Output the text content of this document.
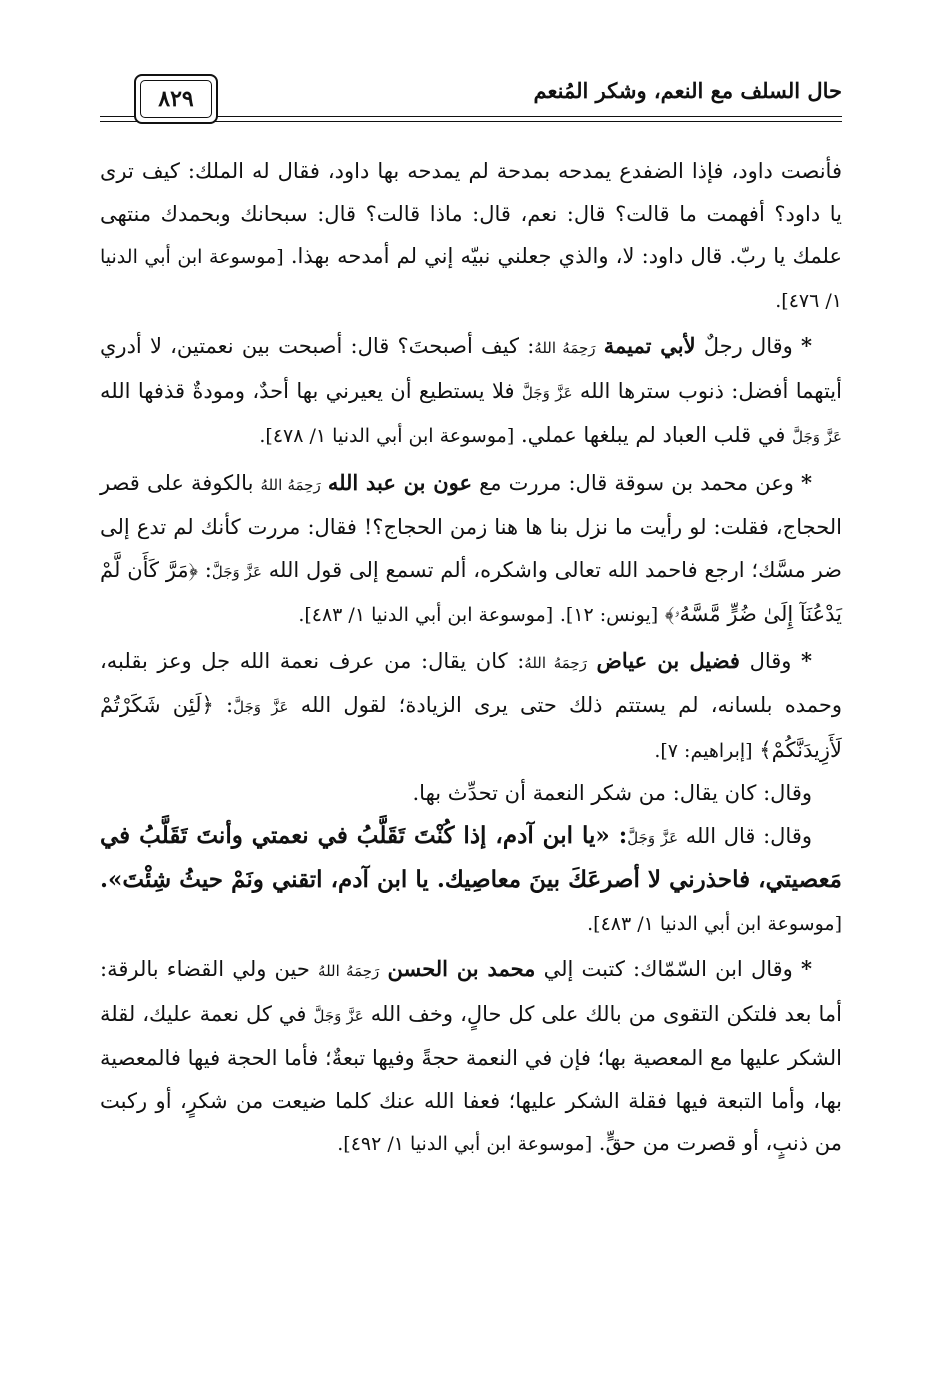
حال السلف مع النعم، وشكر المُنعم
٨٢٩

فأنصت داود، فإذا الضفدع يمدحه بمدحة لم يمدحه بها داود، فقال له الملك: كيف ترى يا داود؟ أفهمت ما قالت؟ قال: نعم، قال: ماذا قالت؟ قال: سبحانك وبحمدك منتهى علمك يا ربّ. قال داود: لا، والذي جعلني نبيّه إني لم أمدحه بهذا. [موسوعة ابن أبي الدنيا ١/ ٤٧٦].

* وقال رجلٌ لأبي تميمة رَحِمَهُ اللهُ: كيف أصبحتَ؟ قال: أصبحت بين نعمتين، لا أدري أيتهما أفضل: ذنوب سترها الله عَزَّ وَجَلَّ فلا يستطيع أن يعيرني بها أحدٌ، ومودةٌ قذفها الله عَزَّ وَجَلَّ في قلب العباد لم يبلغها عملي. [موسوعة ابن أبي الدنيا ١/ ٤٧٨].

* وعن محمد بن سوقة قال: مررت مع عون بن عبد الله رَحِمَهُ اللهُ بالكوفة على قصر الحجاج، فقلت: لو رأيت ما نزل بنا ها هنا زمن الحجاج؟! فقال: مررت كأنك لم تدع إلى ضر مسَّك؛ ارجع فاحمد الله تعالى واشكره، ألم تسمع إلى قول الله عَزَّ وَجَلَّ: ﴿مَرَّ كَأَن لَّمْ يَدْعُنَآ إِلَىٰ ضُرٍّ مَّسَّهُۥ﴾ [يونس: ١٢]. [موسوعة ابن أبي الدنيا ١/ ٤٨٣].

* وقال فضيل بن عياض رَحِمَهُ اللهُ: كان يقال: من عرف نعمة الله جل وعز بقلبه، وحمده بلسانه، لم يستتم ذلك حتى يرى الزيادة؛ لقول الله عَزَّ وَجَلَّ: ﴿لَئِن شَكَرْتُمْ لَأَزِيدَنَّكُمْ﴾ [إبراهيم: ٧].

وقال: كان يقال: من شكر النعمة أن تحدِّث بها.

وقال: قال الله عَزَّ وَجَلَّ: «يا ابن آدم، إذا كُنْتَ تَقَلَّبُ في نعمتي وأنتَ تَقَلَّبُ في مَعصيتي، فاحذرني لا أصرعَكَ بينَ معاصِيك. يا ابن آدم، اتقني ونَمْ حيثُ شِئْتَ». [موسوعة ابن أبي الدنيا ١/ ٤٨٣].

* وقال ابن السّمّاك: كتبت إلي محمد بن الحسن رَحِمَهُ اللهُ حين ولي القضاء بالرقة: أما بعد فلتكن التقوى من بالك على كل حالٍ، وخف الله عَزَّ وَجَلَّ في كل نعمة عليك، لقلة الشكر عليها مع المعصية بها؛ فإن في النعمة حجةً وفيها تبعةٌ؛ فأما الحجة فيها فالمعصية بها، وأما التبعة فيها فقلة الشكر عليها؛ فعفا الله عنك كلما ضيعت من شكرٍ، أو ركبت من ذنبٍ، أو قصرت من حقٍّ. [موسوعة ابن أبي الدنيا ١/ ٤٩٢].
